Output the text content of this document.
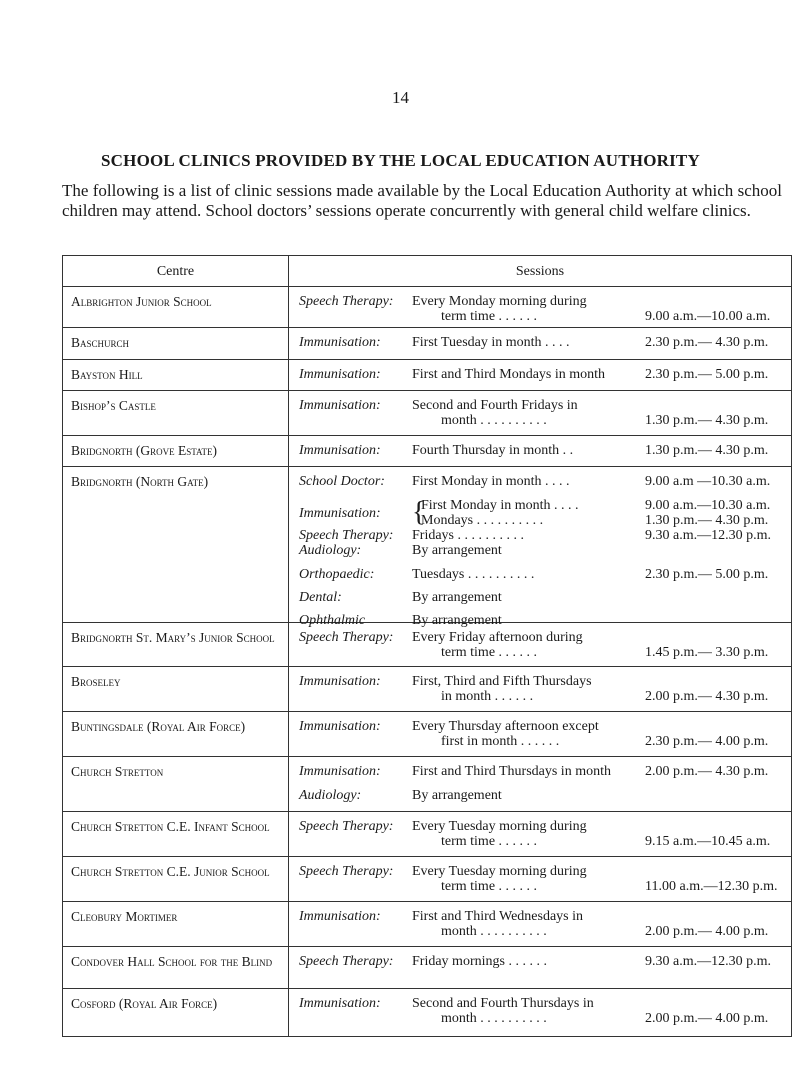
14
SCHOOL CLINICS PROVIDED BY THE LOCAL EDUCATION AUTHORITY

The following is a list of clinic sessions made available by the Local Education Authority at which school children may attend. School doctors’ sessions operate concurrently with general child welfare clinics.

Centre	Sessions
Albrighton Junior School	Speech Therapy: Every Monday morning during
term time . . . . . .	9.00 a.m.—10.00 a.m.
Baschurch	Immunisation: First Tuesday in month . . . .	2.30 p.m.— 4.30 p.m.
Bayston Hill	Immunisation: First and Third Mondays in month	2.30 p.m.— 5.00 p.m.
Bishop’s Castle	Immunisation: Second and Fourth Fridays in
month . . . . . . . . . .	1.30 p.m.— 4.30 p.m.
Bridgnorth (Grove Estate)	Immunisation: Fourth Thursday in month . .	1.30 p.m.— 4.30 p.m.
Bridgnorth (North Gate)	School Doctor: First Monday in month . . . .	9.00 a.m —10.30 a.m.
Immunisation: {
First Monday in month . . . .	9.00 a.m.—10.30 a.m.
Mondays . . . . . . . . . .	1.30 p.m.— 4.30 p.m.
Speech Therapy: Fridays . . . . . . . . . .	9.30 a.m.—12.30 p.m.
Audiology:	By arrangement
Orthopaedic:	Tuesdays . . . . . . . . . .	2.30 p.m.— 5.00 p.m.
Dental:	By arrangement
Ophthalmic	By arrangement
Bridgnorth St. Mary’s Junior School	Speech Therapy: Every Friday afternoon during
term time . . . . . .	1.45 p.m.— 3.30 p.m.
Broseley	Immunisation: First, Third and Fifth Thursdays
in month . . . . . .	2.00 p.m.— 4.30 p.m.
Buntingsdale (Royal Air Force)	Immunisation: Every Thursday afternoon except
first in month . . . . . .	2.30 p.m.— 4.00 p.m.
Church Stretton	Immunisation: First and Third Thursdays in month	2.00 p.m.— 4.30 p.m.
Audiology:	By arrangement
Church Stretton C.E. Infant School	Speech Therapy: Every Tuesday morning during
term time . . . . . .	9.15 a.m.—10.45 a.m.
Church Stretton C.E. Junior School	Speech Therapy: Every Tuesday morning during
term time . . . . . .	11.00 a.m.—12.30 p.m.
Cleobury Mortimer	Immunisation: First and Third Wednesdays in
month . . . . . . . . . .	2.00 p.m.— 4.00 p.m.
Condover Hall School for the Blind	Speech Therapy: Friday mornings . . . . . .	9.30 a.m.—12.30 p.m.
Cosford (Royal Air Force)	Immunisation: Second and Fourth Thursdays in
month . . . . . . . . . .	2.00 p.m.— 4.00 p.m.
